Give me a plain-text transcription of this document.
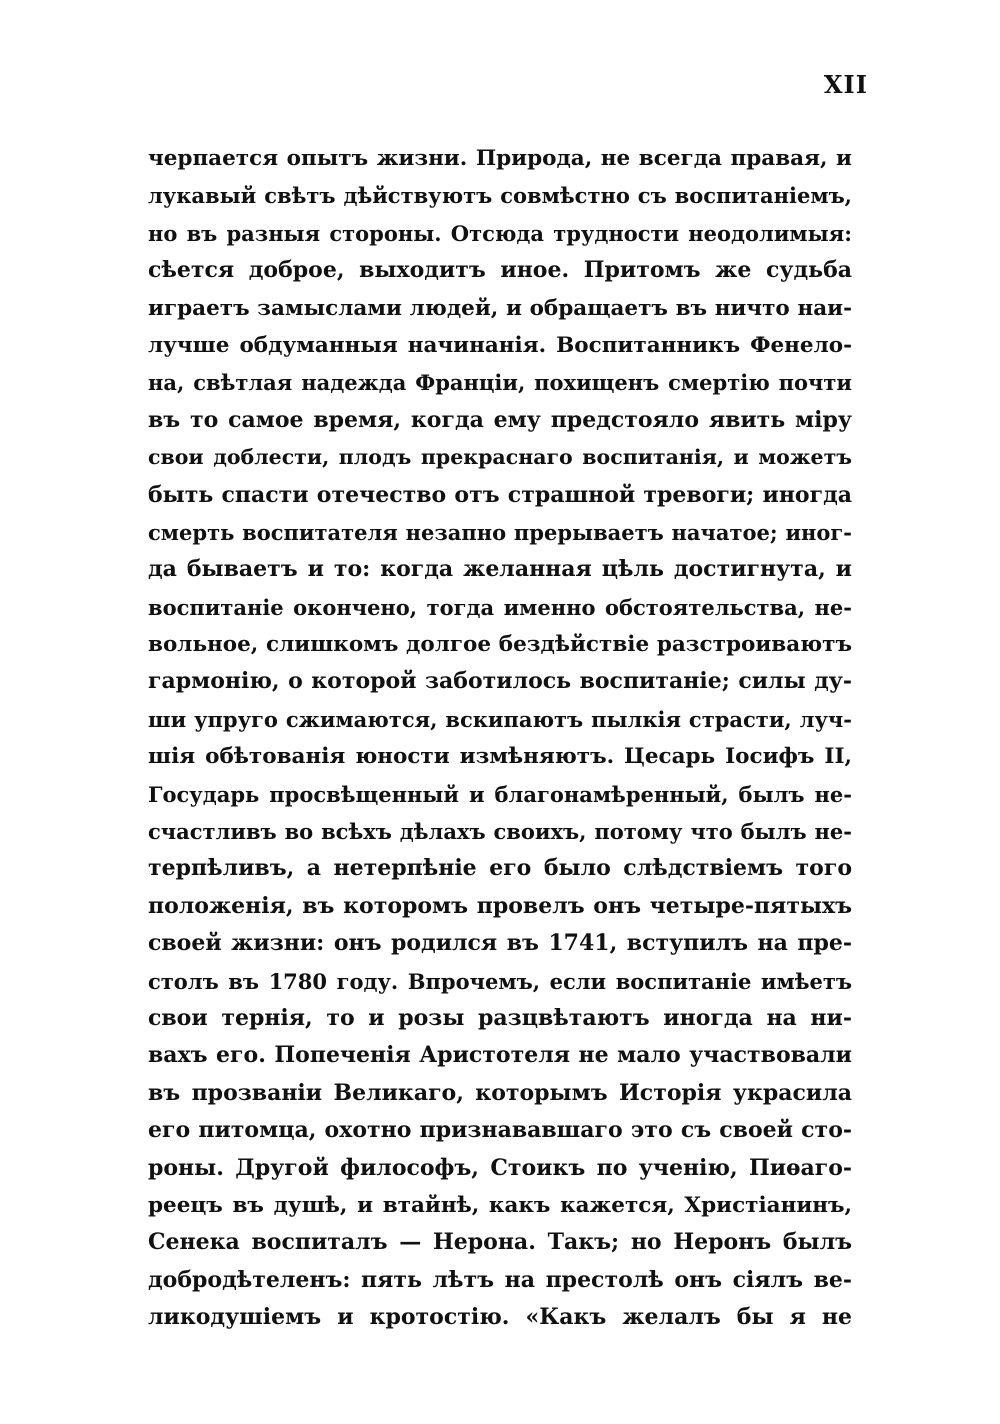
XII
черпается опытъ жизни. Природа, не всегда правая, и
лукавый свѣтъ дѣйствуютъ совмѣстно съ воспитаніемъ,
но въ разныя стороны. Отсюда трудности неодолимыя:
сѣется доброе, выходитъ иное. Притомъ же судьба
играетъ замыслами людей, и обращаетъ въ ничто наи-
лучше обдуманныя начинанія. Воспитанникъ Фенело-
на, свѣтлая надежда Франціи, похищенъ смертію почти
въ то самое время, когда ему предстояло явить міру
свои доблести, плодъ прекраснаго воспитанія, и можетъ
быть спасти отечество отъ страшной тревоги; иногда
смерть воспитателя незапно прерываетъ начатое; иног-
да бываетъ и то: когда желанная цѣль достигнута, и
воспитаніе окончено, тогда именно обстоятельства, не-
вольное, слишкомъ долгое бездѣйствіе разстроиваютъ
гармонію, о которой заботилось воспитаніе; силы ду-
ши упруго сжимаются, вскипаютъ пылкія страсти, луч-
шія обѣтованія юности измѣняютъ. Цесарь Іосифъ II,
Государь просвѣщенный и благонамѣренный, былъ не-
счастливъ во всѣхъ дѣлахъ своихъ, потому что былъ не-
терпѣливъ, а нетерпѣніе его было слѣдствіемъ того
положенія, въ которомъ провелъ онъ четыре-пятыхъ
своей жизни: онъ родился въ 1741, вступилъ на пре-
столъ въ 1780 году. Впрочемъ, если воспитаніе имѣетъ
свои тернія, то и розы разцвѣтаютъ иногда на ни-
вахъ его. Попеченія Аристотеля не мало участвовали
въ прозваніи Великаго, которымъ Исторія украсила
его питомца, охотно признававшаго это съ своей сто-
роны. Другой философъ, Стоикъ по ученію, Пиѳаго-
реецъ въ душѣ, и втайнѣ, какъ кажется, Христіанинъ,
Сенека воспиталъ — Нерона. Такъ; но Неронъ былъ
добродѣтеленъ: пять лѣтъ на престолѣ онъ сіялъ ве-
ликодушіемъ и кротостію. «Какъ желалъ бы я не
